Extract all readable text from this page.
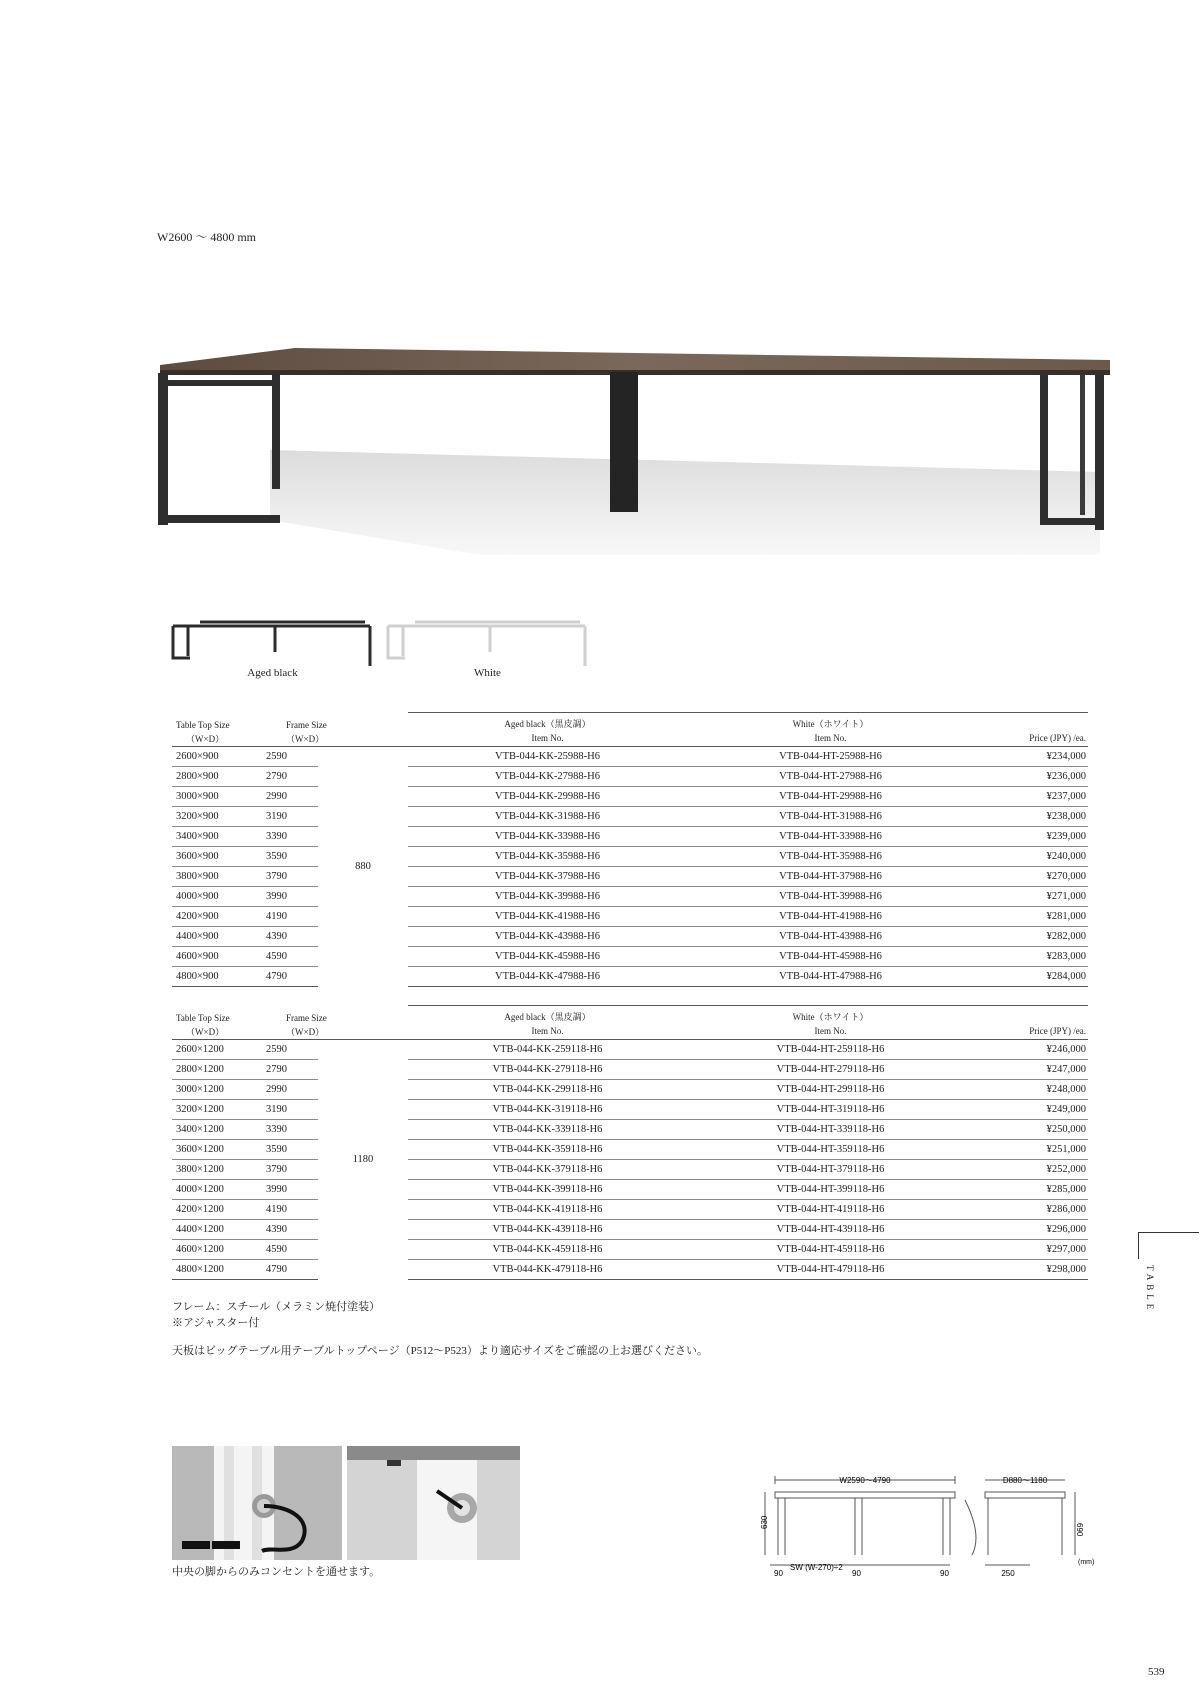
W2600 〜 4800 mm
Aged black	White
Table Top Size	Frame Size		Aged black（黒皮調）	White（ホワイト）	
（W×D）	（W×D）		Item No.	Item No.	Price (JPY) /ea.
2600×900	2590	880	VTB-044-KK-25988-H6	VTB-044-HT-25988-H6	¥234,000
2800×900	2790		VTB-044-KK-27988-H6	VTB-044-HT-27988-H6	¥236,000
3000×900	2990		VTB-044-KK-29988-H6	VTB-044-HT-29988-H6	¥237,000
3200×900	3190		VTB-044-KK-31988-H6	VTB-044-HT-31988-H6	¥238,000
3400×900	3390		VTB-044-KK-33988-H6	VTB-044-HT-33988-H6	¥239,000
3600×900	3590		VTB-044-KK-35988-H6	VTB-044-HT-35988-H6	¥240,000
3800×900	3790		VTB-044-KK-37988-H6	VTB-044-HT-37988-H6	¥270,000
4000×900	3990		VTB-044-KK-39988-H6	VTB-044-HT-39988-H6	¥271,000
4200×900	4190		VTB-044-KK-41988-H6	VTB-044-HT-41988-H6	¥281,000
4400×900	4390		VTB-044-KK-43988-H6	VTB-044-HT-43988-H6	¥282,000
4600×900	4590		VTB-044-KK-45988-H6	VTB-044-HT-45988-H6	¥283,000
4800×900	4790		VTB-044-KK-47988-H6	VTB-044-HT-47988-H6	¥284,000
Table Top Size	Frame Size		Aged black（黒皮調）	White（ホワイト）	
（W×D）	（W×D）		Item No.	Item No.	Price (JPY) /ea.
2600×1200	2590	1180	VTB-044-KK-259118-H6	VTB-044-HT-259118-H6	¥246,000
2800×1200	2790		VTB-044-KK-279118-H6	VTB-044-HT-279118-H6	¥247,000
3000×1200	2990		VTB-044-KK-299118-H6	VTB-044-HT-299118-H6	¥248,000
3200×1200	3190		VTB-044-KK-319118-H6	VTB-044-HT-319118-H6	¥249,000
3400×1200	3390		VTB-044-KK-339118-H6	VTB-044-HT-339118-H6	¥250,000
3600×1200	3590		VTB-044-KK-359118-H6	VTB-044-HT-359118-H6	¥251,000
3800×1200	3790		VTB-044-KK-379118-H6	VTB-044-HT-379118-H6	¥252,000
4000×1200	3990		VTB-044-KK-399118-H6	VTB-044-HT-399118-H6	¥285,000
4200×1200	4190		VTB-044-KK-419118-H6	VTB-044-HT-419118-H6	¥286,000
4400×1200	4390		VTB-044-KK-439118-H6	VTB-044-HT-439118-H6	¥296,000
4600×1200	4590		VTB-044-KK-459118-H6	VTB-044-HT-459118-H6	¥297,000
4800×1200	4790		VTB-044-KK-479118-H6	VTB-044-HT-479118-H6	¥298,000
フレーム：スチール（メラミン焼付塗装）
※アジャスター付
天板はビッグテーブル用テーブルトップページ（P512〜P523）より適応サイズをご確認の上お選びください。
TABLE
中央の脚からのみコンセントを通せます。
W2590〜4790	D880〜1180
630
690
90
SW (W-270)÷2
90	90	250
(mm)
539
